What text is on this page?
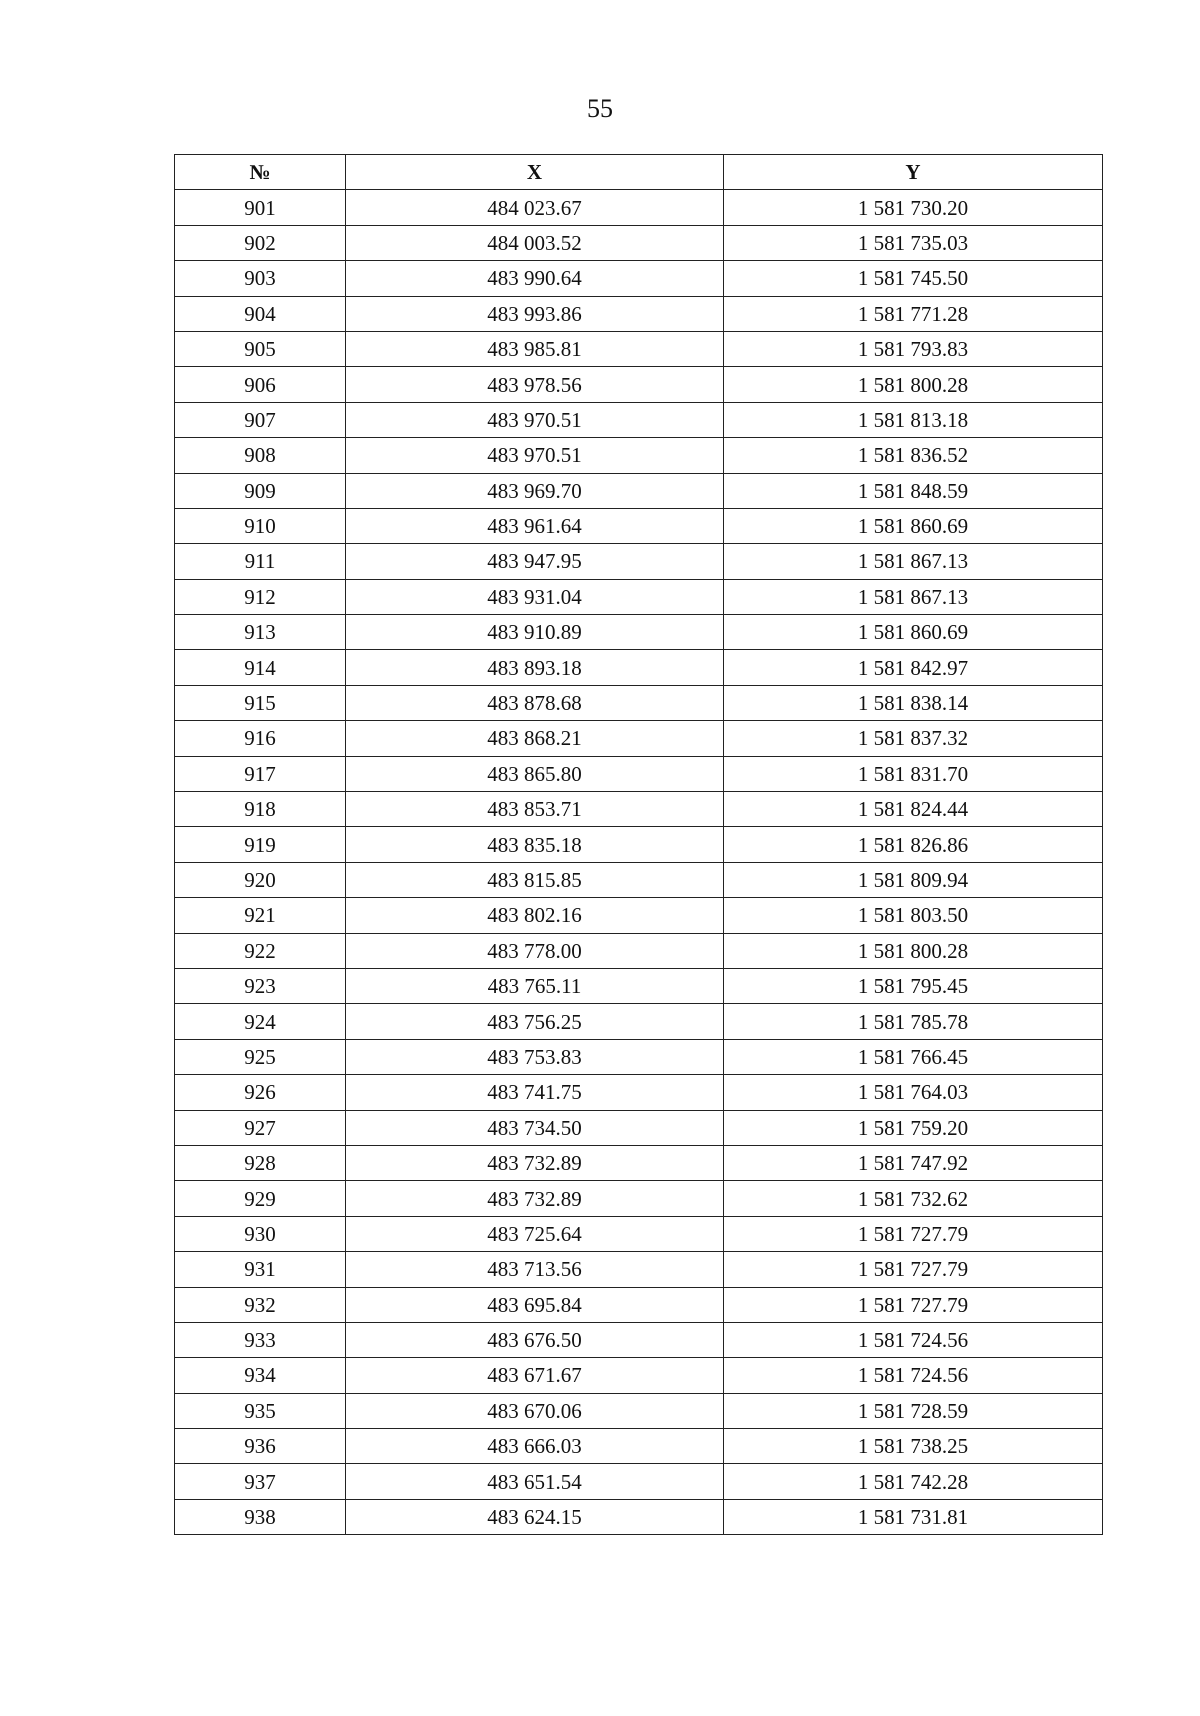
55
№	X	Y
901	484 023.67	1 581 730.20
902	484 003.52	1 581 735.03
903	483 990.64	1 581 745.50
904	483 993.86	1 581 771.28
905	483 985.81	1 581 793.83
906	483 978.56	1 581 800.28
907	483 970.51	1 581 813.18
908	483 970.51	1 581 836.52
909	483 969.70	1 581 848.59
910	483 961.64	1 581 860.69
911	483 947.95	1 581 867.13
912	483 931.04	1 581 867.13
913	483 910.89	1 581 860.69
914	483 893.18	1 581 842.97
915	483 878.68	1 581 838.14
916	483 868.21	1 581 837.32
917	483 865.80	1 581 831.70
918	483 853.71	1 581 824.44
919	483 835.18	1 581 826.86
920	483 815.85	1 581 809.94
921	483 802.16	1 581 803.50
922	483 778.00	1 581 800.28
923	483 765.11	1 581 795.45
924	483 756.25	1 581 785.78
925	483 753.83	1 581 766.45
926	483 741.75	1 581 764.03
927	483 734.50	1 581 759.20
928	483 732.89	1 581 747.92
929	483 732.89	1 581 732.62
930	483 725.64	1 581 727.79
931	483 713.56	1 581 727.79
932	483 695.84	1 581 727.79
933	483 676.50	1 581 724.56
934	483 671.67	1 581 724.56
935	483 670.06	1 581 728.59
936	483 666.03	1 581 738.25
937	483 651.54	1 581 742.28
938	483 624.15	1 581 731.81
